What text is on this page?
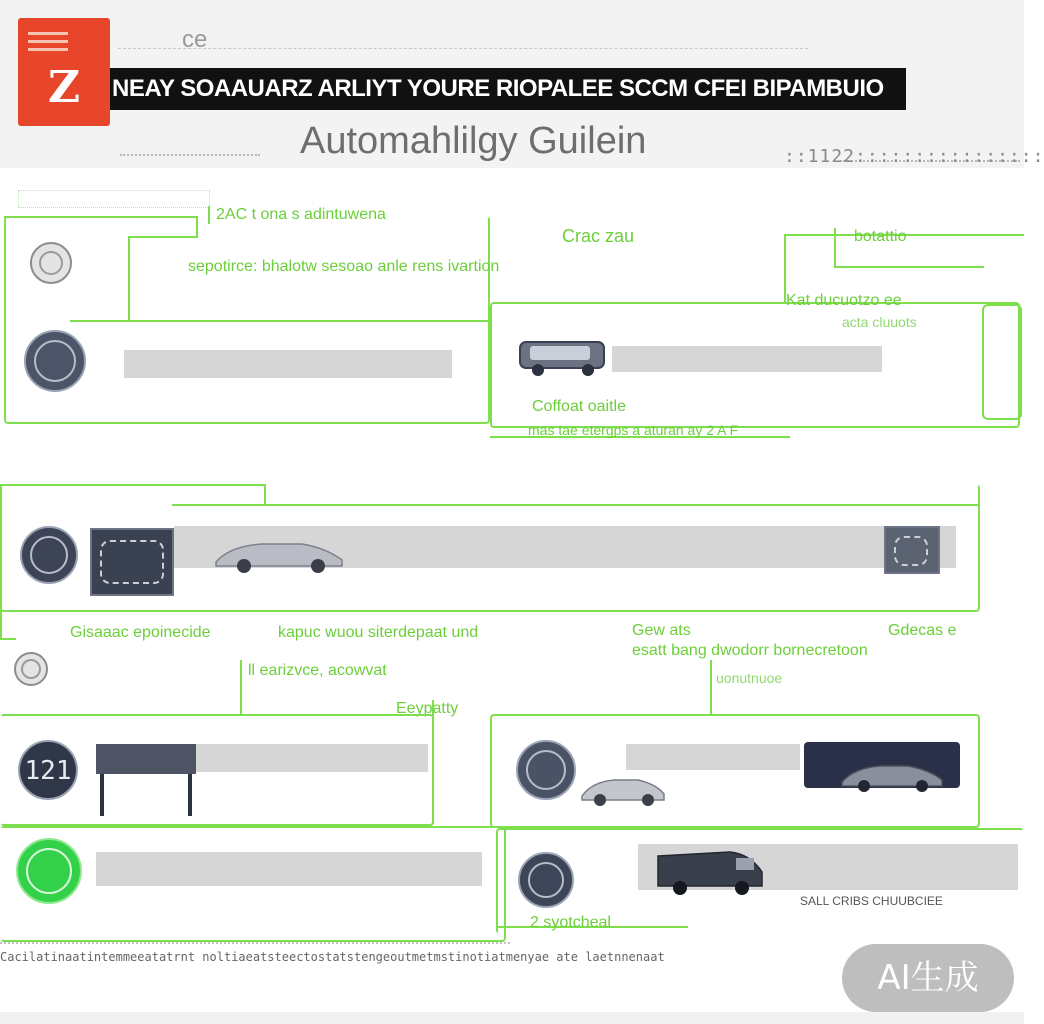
Z
ce
NEAY SOAAUARZ ARLIYT YOURE RIOPALEE SCCM CFEI BIPAMBUIO
Automahlilgy Guilein	::1122::::::::::::::::
2AC t ona s adintuwena
Crac zau
sepotirce: bhalotw sesoao anle rens ivartion
botattio
Kat ducuotzo ee
acta cluuots
Coffoat oaitle
mas tae etergps a aturan ay 2 A F
Gisaaac epoinecide	kapuc wuou siterdepaat und	Gew ats
esatt bang dwodorr bornecretoon
Gdecas e
ll earizvce, acowvat
Eeypatty
uonutnuoe
121
SALL CRIBS CHUUBCIEE
2 syotcheal
Cacilatinaatintemmeeatatrnt noltiaeatsteectostatstengeoutmetmstinotiatmenyae ate laetnnenaat
AI生成
